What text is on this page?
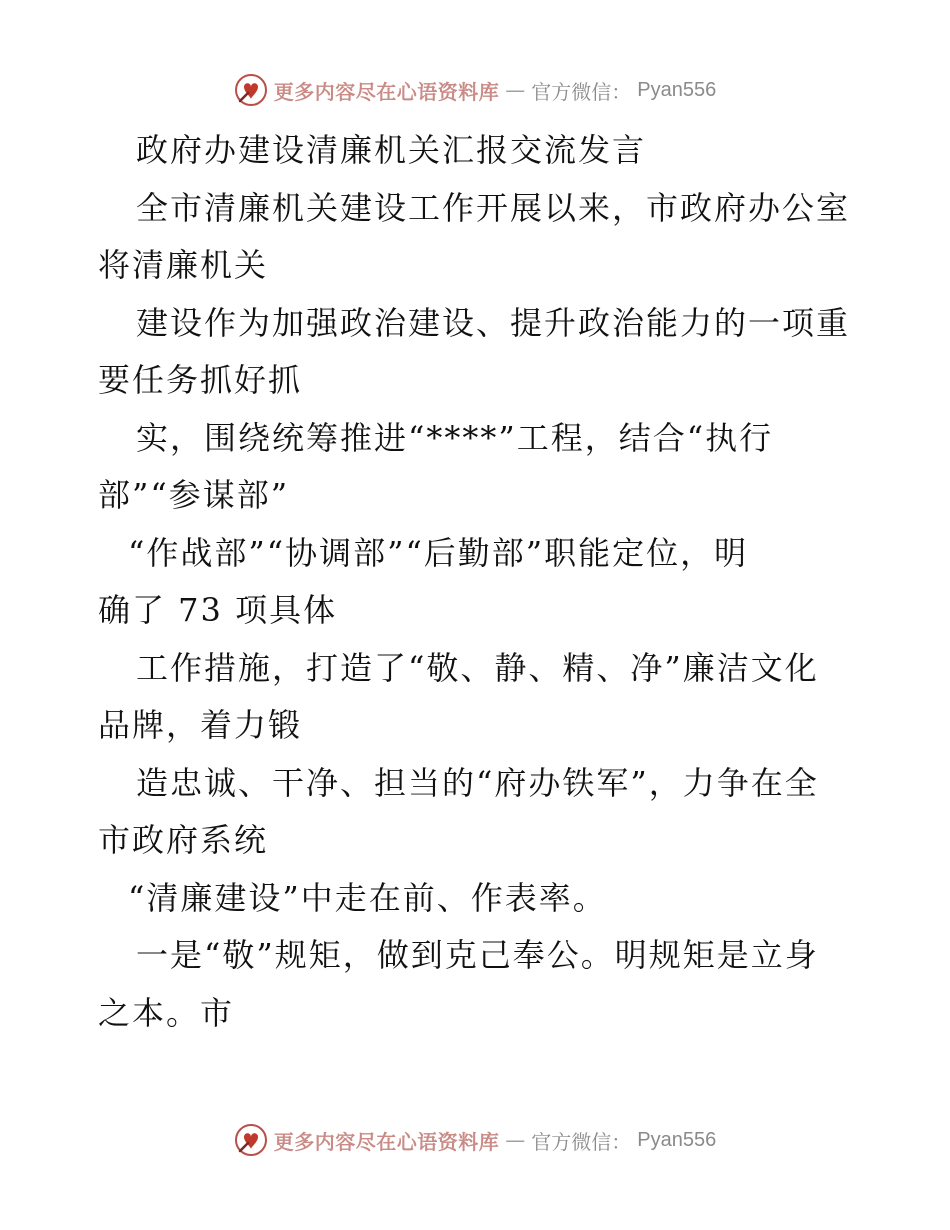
更多内容尽在心语资料库 — 官方微信： Pyan556
政府办建设清廉机关汇报交流发言
全市清廉机关建设工作开展以来，市政府办公室
将清廉机关
建设作为加强政治建设、提升政治能力的一项重
要任务抓好抓
实，围绕统筹推进“****”工程，结合“执行
部”“参谋部”
“作战部”“协调部”“后勤部”职能定位，明
确了 73 项具体
工作措施，打造了“敬、静、精、净”廉洁文化
品牌，着力锻
造忠诚、干净、担当的“府办铁军”，力争在全
市政府系统
“清廉建设”中走在前、作表率。
一是“敬”规矩，做到克己奉公。明规矩是立身
之本。市
更多内容尽在心语资料库 — 官方微信： Pyan556
